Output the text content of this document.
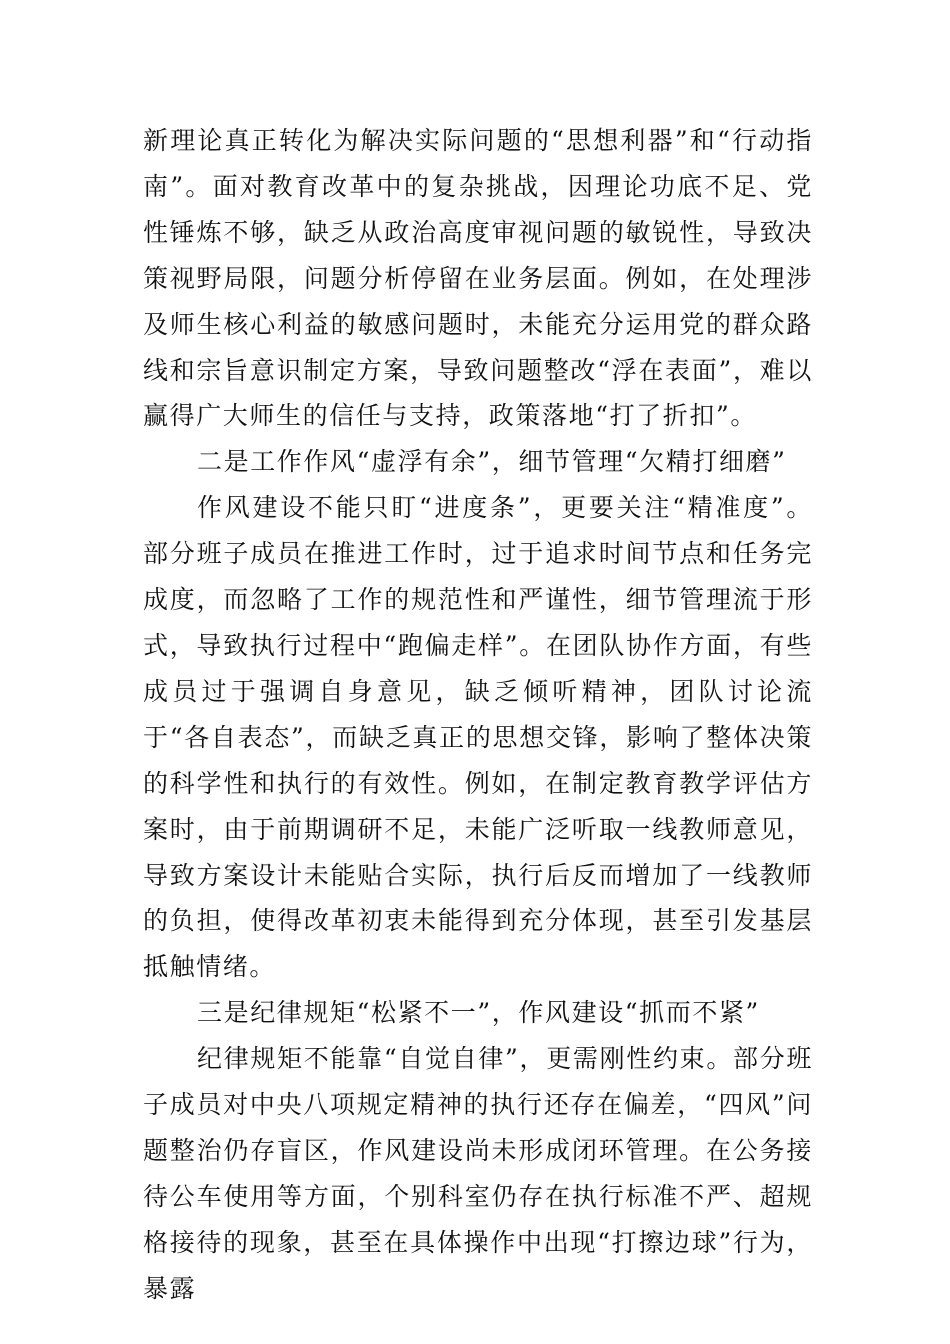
新理论真正转化为解决实际问题的“思想利器”和“行动指南”。面对教育改革中的复杂挑战，因理论功底不足、党性锤炼不够，缺乏从政治高度审视问题的敏锐性，导致决策视野局限，问题分析停留在业务层面。例如，在处理涉及师生核心利益的敏感问题时，未能充分运用党的群众路线和宗旨意识制定方案，导致问题整改“浮在表面”，难以赢得广大师生的信任与支持，政策落地“打了折扣”。

二是工作作风“虚浮有余”，细节管理“欠精打细磨”

作风建设不能只盯“进度条”，更要关注“精准度”。部分班子成员在推进工作时，过于追求时间节点和任务完成度，而忽略了工作的规范性和严谨性，细节管理流于形式，导致执行过程中“跑偏走样”。在团队协作方面，有些成员过于强调自身意见，缺乏倾听精神，团队讨论流于“各自表态”，而缺乏真正的思想交锋，影响了整体决策的科学性和执行的有效性。例如，在制定教育教学评估方案时，由于前期调研不足，未能广泛听取一线教师意见，导致方案设计未能贴合实际，执行后反而增加了一线教师的负担，使得改革初衷未能得到充分体现，甚至引发基层抵触情绪。

三是纪律规矩“松紧不一”，作风建设“抓而不紧”

纪律规矩不能靠“自觉自律”，更需刚性约束。部分班子成员对中央八项规定精神的执行还存在偏差，“四风”问题整治仍存盲区，作风建设尚未形成闭环管理。在公务接待公车使用等方面，个别科室仍存在执行标准不严、超规格接待的现象，甚至在具体操作中出现“打擦边球”行为，暴露
